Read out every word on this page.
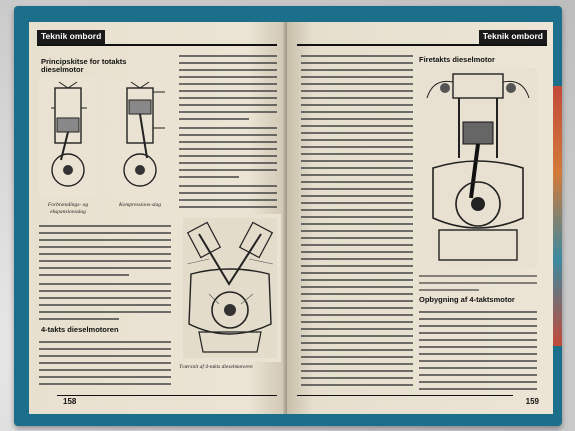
Teknik ombord
Principskitse for totakts dieselmotor
Forbrændings- og ekspansionsslag
Kompressions-slag
4-takts dieselmotoren
Tværsnit af 4-takts dieselmotoren
158
Teknik ombord
Firetakts dieselmotor
Opbygning af 4-taktsmotor
159
